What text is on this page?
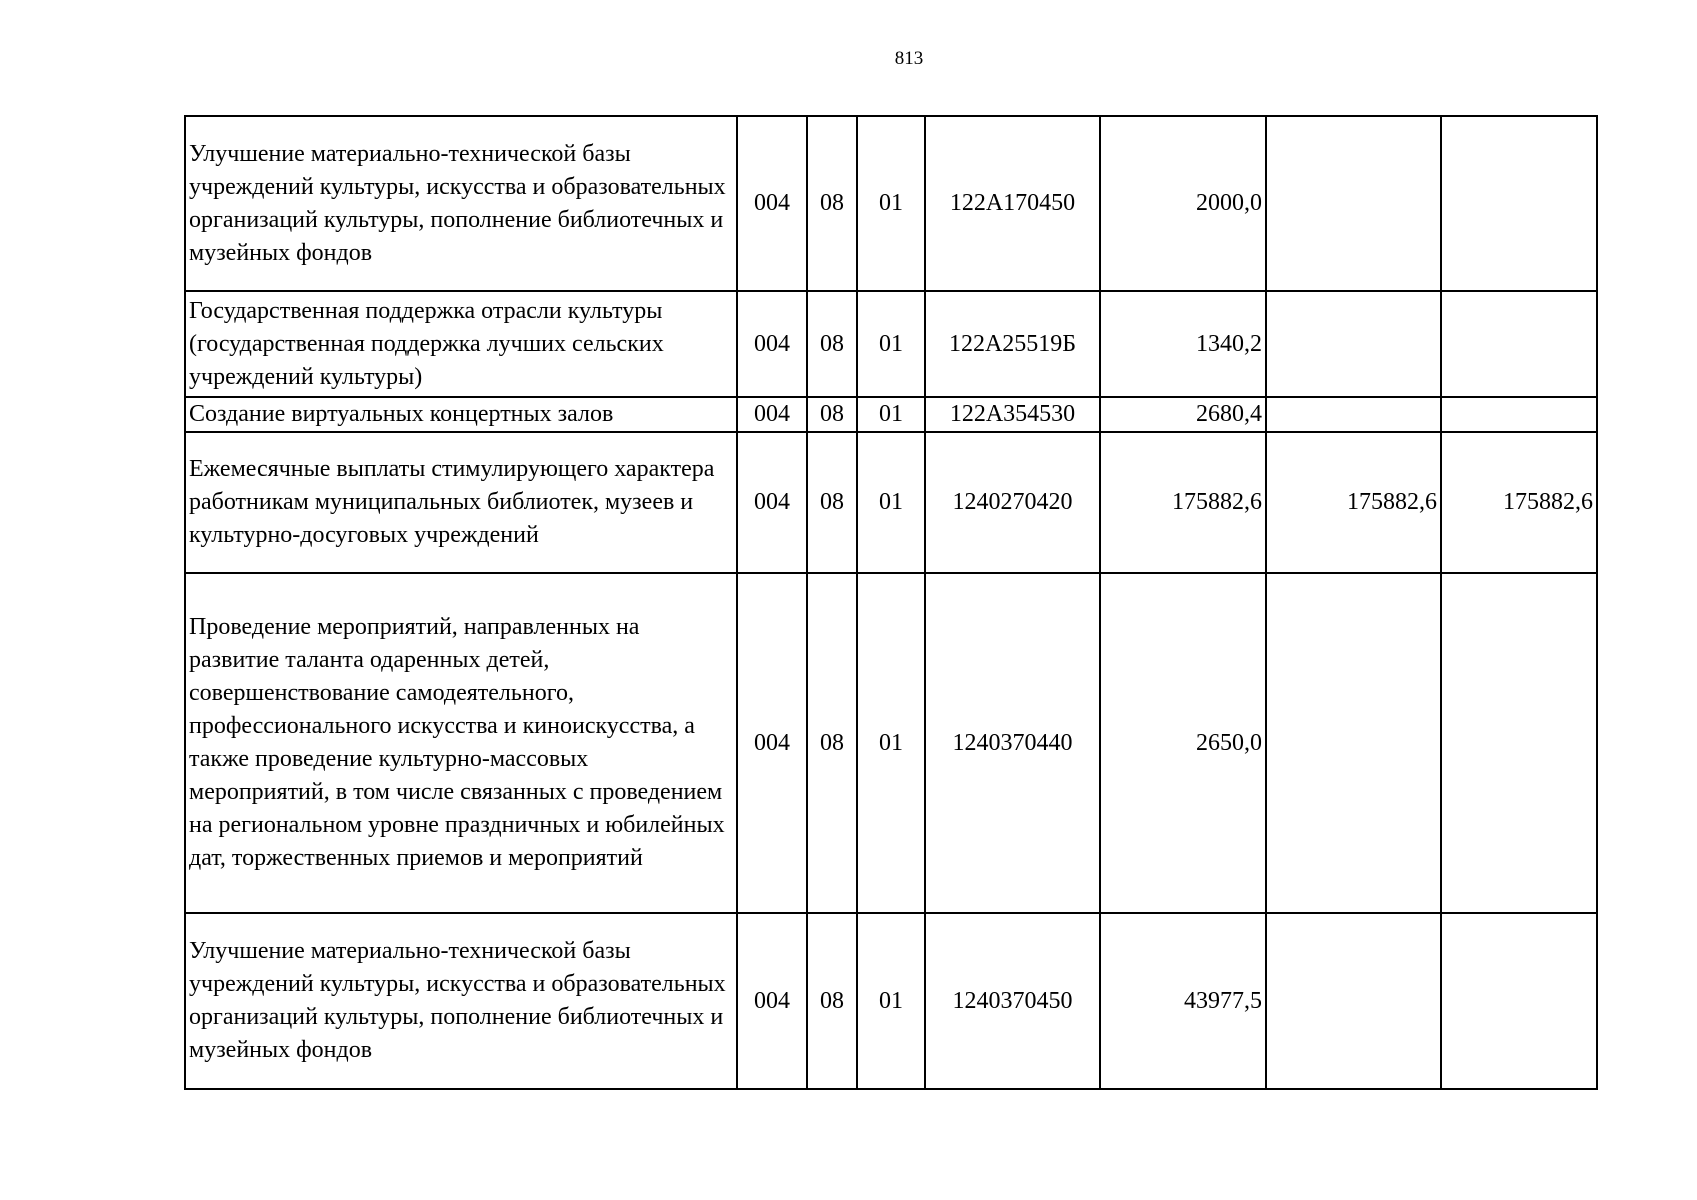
813
Улучшение материально-технической базы учреждений культуры, искусства и образовательных организаций культуры, пополнение библиотечных и музейных фондов	004	08	01	122А170450	2000,0		
Государственная поддержка отрасли культуры (государственная поддержка лучших сельских учреждений культуры)	004	08	01	122А25519Б	1340,2		
Создание виртуальных концертных залов	004	08	01	122А354530	2680,4		
Ежемесячные выплаты стимулирующего характера работникам муниципальных библиотек, музеев и культурно-досуговых учреждений	004	08	01	1240270420	175882,6	175882,6	175882,6
Проведение мероприятий, направленных на развитие таланта одаренных детей, совершенствование самодеятельного, профессионального искусства и киноискусства, а также проведение культурно-массовых мероприятий, в том числе связанных с проведением на региональном уровне праздничных и юбилейных дат, торжественных приемов и мероприятий	004	08	01	1240370440	2650,0		
Улучшение материально-технической базы учреждений культуры, искусства и образовательных организаций культуры, пополнение библиотечных и музейных фондов	004	08	01	1240370450	43977,5		
